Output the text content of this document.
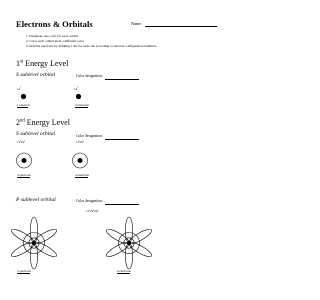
Electrons & Orbitals	Name
1. Designate one color for each orbital.
2. Color each orbital level a different color
3. Indicate electrons by marking a dot for each one according to electron configuration numbers.
1st Energy Level
S sublevel orbital	Color designation:
$1s^1$	$1s^2$
1 electron	2 electrons
2nd Energy Level
S sublevel orbital	Color designation:
1s²2s¹	1s²2s²
3 electrons	4 electrons
P sublevel orbital	Color designation:
1s²2s²2p¹
5 electrons	6 electrons
